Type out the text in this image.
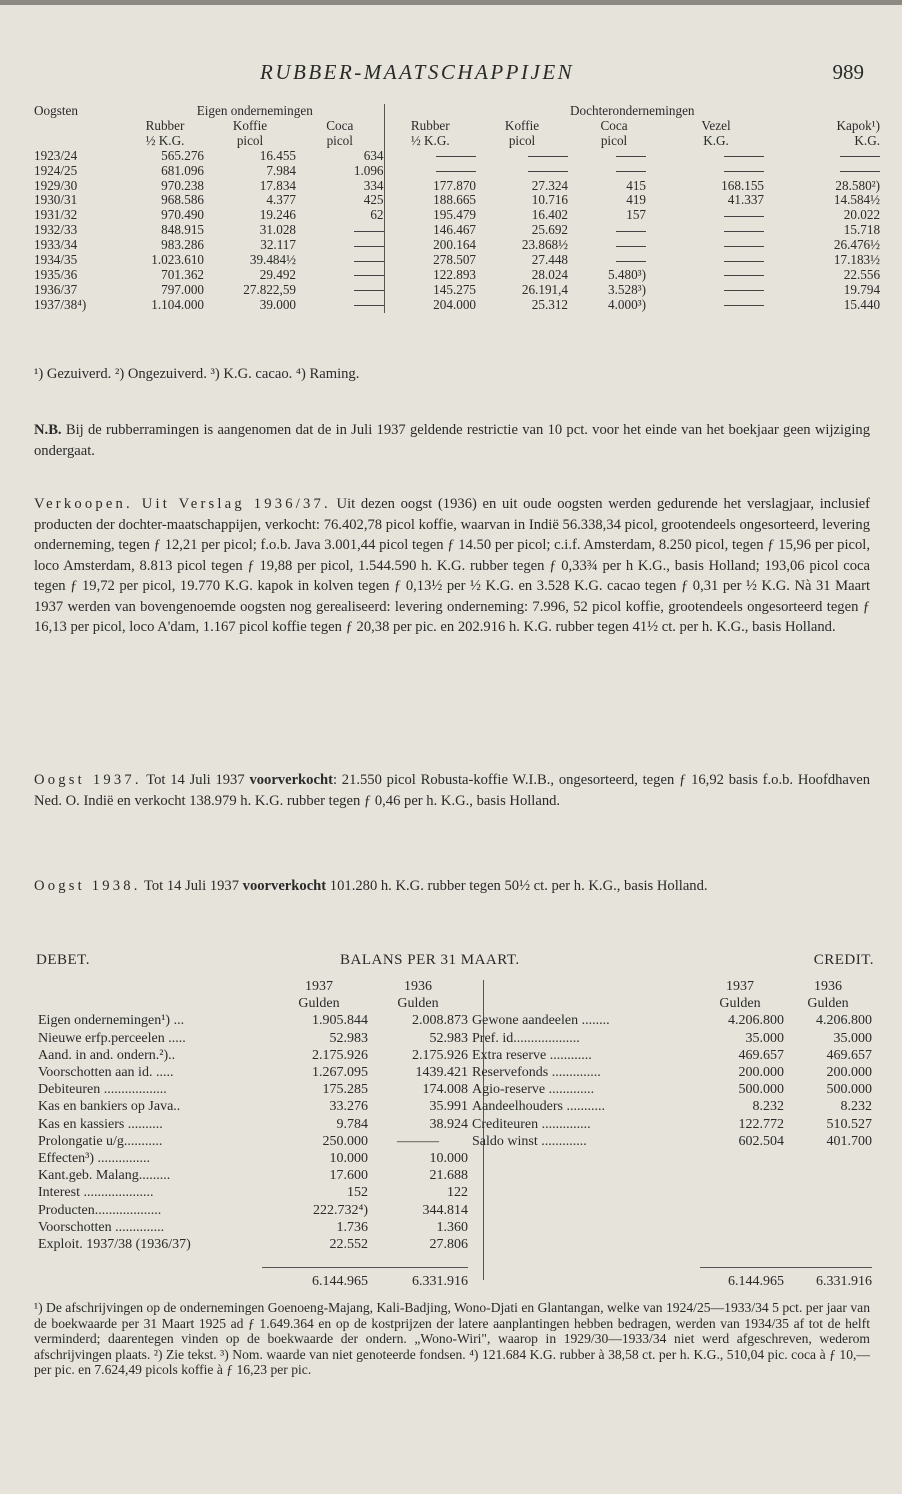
RUBBER-MAATSCHAPPIJEN	989
Oogsten	Eigen ondernemingen			Dochterondernemingen				
	Rubber	Koffie	Coca	Rubber	Koffie	Coca	Vezel	Kapok¹)
	½ K.G.	picol	picol	½ K.G.	picol	picol	K.G.	K.G.
1923/24	565.276	16.455	634					
1924/25	681.096	7.984	1.096					
1929/30	970.238	17.834	334	177.870	27.324	415	168.155	28.580²)
1930/31	968.586	4.377	425	188.665	10.716	419	41.337	14.584½
1931/32	970.490	19.246	62	195.479	16.402	157		20.022
1932/33	848.915	31.028		146.467	25.692			15.718
1933/34	983.286	32.117		200.164	23.868½			26.476½
1934/35	1.023.610	39.484½		278.507	27.448			17.183½
1935/36	701.362	29.492		122.893	28.024	5.480³)		22.556
1936/37	797.000	27.822,59		145.275	26.191,4	3.528³)		19.794
1937/38⁴)	1.104.000	39.000		204.000	25.312	4.000³)		15.440
¹) Gezuiverd. ²) Ongezuiverd. ³) K.G. cacao. ⁴) Raming.
N.B. Bij de rubberramingen is aangenomen dat de in Juli 1937 geldende restrictie van 10 pct. voor het einde van het boekjaar geen wijziging ondergaat.
Verkoopen. Uit Verslag 1936/37. Uit dezen oogst (1936) en uit oude oogsten werden gedurende het verslagjaar, inclusief producten der dochter-maatschappijen, verkocht: 76.402,78 picol koffie, waarvan in Indië 56.338,34 picol, grootendeels ongesorteerd, levering onderneming, tegen ƒ 12,21 per picol; f.o.b. Java 3.001,44 picol tegen ƒ 14.50 per picol; c.i.f. Amsterdam, 8.250 picol, tegen ƒ 15,96 per picol, loco Amsterdam, 8.813 picol tegen ƒ 19,88 per picol, 1.544.590 h. K.G. rubber tegen ƒ 0,33¾ per h K.G., basis Holland; 193,06 picol coca tegen ƒ 19,72 per picol, 19.770 K.G. kapok in kolven tegen ƒ 0,13½ per ½ K.G. en 3.528 K.G. cacao tegen ƒ 0,31 per ½ K.G. Nà 31 Maart 1937 werden van bovengenoemde oogsten nog gerealiseerd: levering onderneming: 7.996, 52 picol koffie, grootendeels ongesorteerd tegen ƒ 16,13 per picol, loco A'dam, 1.167 picol koffie tegen ƒ 20,38 per pic. en 202.916 h. K.G. rubber tegen 41½ ct. per h. K.G., basis Holland.
Oogst 1937. Tot 14 Juli 1937 voorverkocht: 21.550 picol Robusta-koffie W.I.B., ongesorteerd, tegen ƒ 16,92 basis f.o.b. Hoofdhaven Ned. O. Indië en verkocht 138.979 h. K.G. rubber tegen ƒ 0,46 per h. K.G., basis Holland.
Oogst 1938. Tot 14 Juli 1937 voorverkocht 101.280 h. K.G. rubber tegen 50½ ct. per h. K.G., basis Holland.
DEBET.	BALANS PER 31 MAART.	CREDIT.
	1937	1936
	Gulden	Gulden
Eigen ondernemingen¹) ...	1.905.844	2.008.873
Nieuwe erfp.perceelen .....	52.983	52.983
Aand. in and. ondern.²)..	2.175.926	2.175.926
Voorschotten aan id. .....	1.267.095	1439.421
Debiteuren ..................	175.285	174.008
Kas en bankiers op Java..	33.276	35.991
Kas en kassiers ..........	9.784	38.924
Prolongatie u/g...........	250.000	———
Effecten³) ...............	10.000	10.000
Kant.geb. Malang.........	17.600	21.688
Interest ....................	152	122
Producten...................	222.732⁴)	344.814
Voorschotten ..............	1.736	1.360
Exploit. 1937/38 (1936/37)	22.552	27.806
	1937	1936
	Gulden	Gulden
Gewone aandeelen ........	4.206.800	4.206.800
Pref. id...................	35.000	35.000
Extra reserve ............	469.657	469.657
Reservefonds ..............	200.000	200.000
Agio-reserve .............	500.000	500.000
Aandeelhouders ...........	8.232	8.232
Crediteuren ..............	122.772	510.527
Saldo winst .............	602.504	401.700
	6.144.965	6.331.916
		6.144.965	6.331.916
¹) De afschrijvingen op de ondernemingen Goenoeng-Majang, Kali-Badjing, Wono-Djati en Glantangan, welke van 1924/25—1933/34 5 pct. per jaar van de boekwaarde per 31 Maart 1925 ad ƒ 1.649.364 en op de kostprijzen der latere aanplantingen hebben bedragen, werden van 1934/35 af tot de helft verminderd; daarentegen vinden op de boekwaarde der ondern. „Wono-Wiri", waarop in 1929/30—1933/34 niet werd afgeschreven, wederom afschrijvingen plaats. ²) Zie tekst. ³) Nom. waarde van niet genoteerde fondsen. ⁴) 121.684 K.G. rubber à 38,58 ct. per h. K.G., 510,04 pic. coca à ƒ 10,— per pic. en 7.624,49 picols koffie à ƒ 16,23 per pic.
